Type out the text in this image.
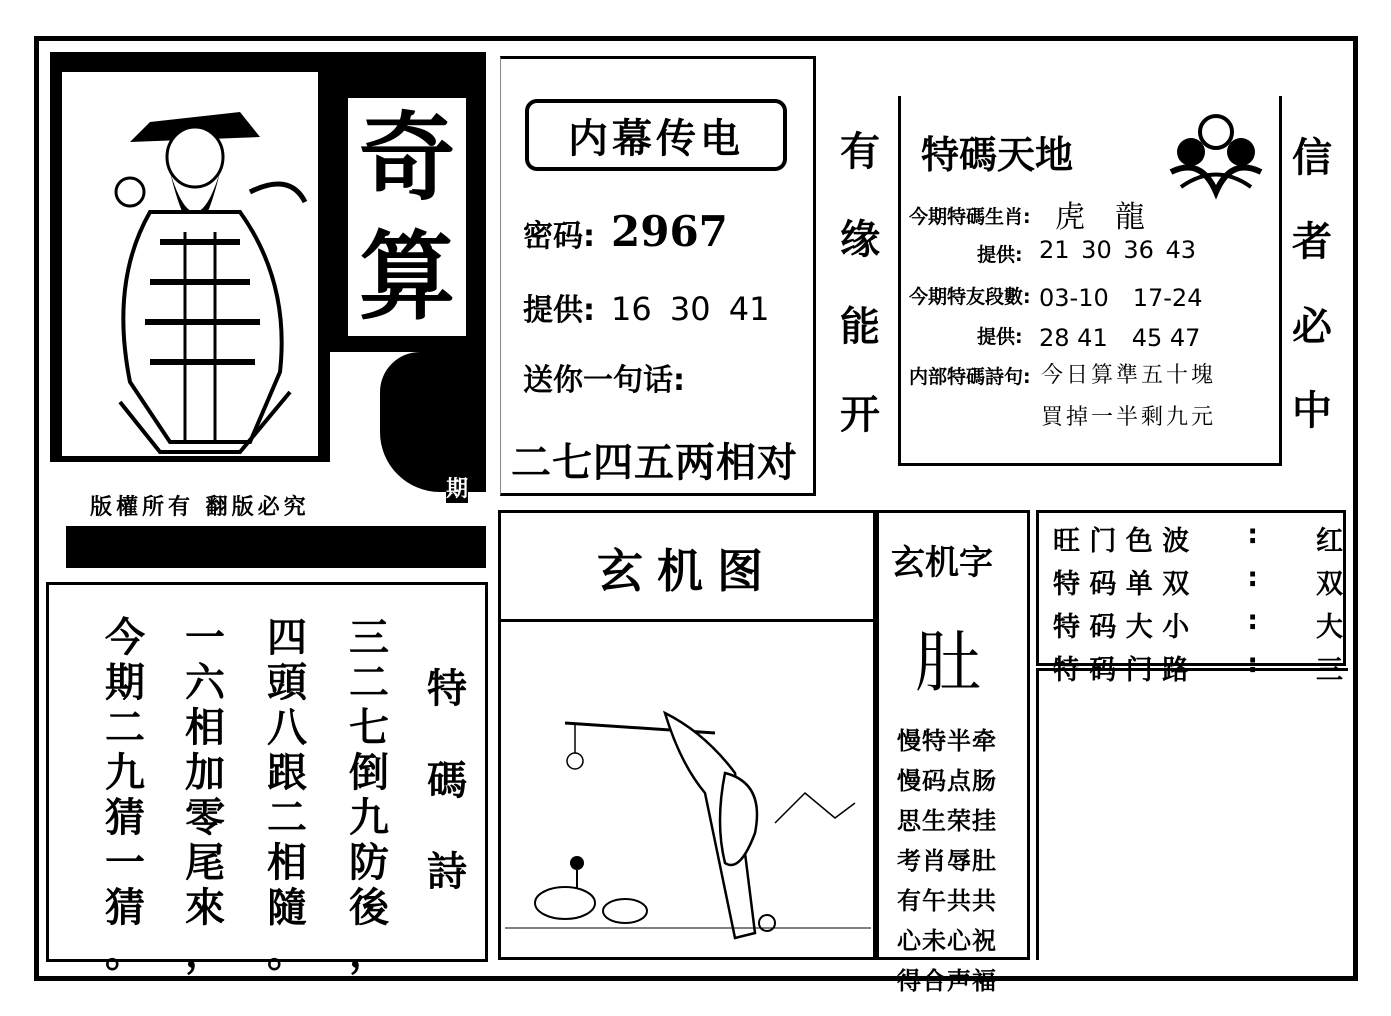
奇
算
期
版權所有 翻版必究
内幕传电
密码: 2967
提供: 16 30 41
送你一句话:
二七四五两相对
有
缘
能
开
特碼天地
今期特碼生肖: 虎　龍
提供: 21 30 36 43
今期特友段數: 03-10　17-24
提供: 28 41　45 47
内部特碼詩句: 今日算準五十塊
買掉一半剩九元
信
者
必
中
玄机图	玄机字
肚
慢特半牵
慢码点肠
思生荣挂
考肖辱肚
有午共共
心未心祝
得合声福
旺 门 色 波 : 红
特 码 单 双 : 双
特 码 大 小 : 大
特 码 门 路 : 三
特
碼
詩
三
二
七
倒
九
防
後
，
四
頭
八
跟
二
相
隨
。
一
六
相
加
零
尾
來
，
今
期
二
九
猜
一
猜
。
